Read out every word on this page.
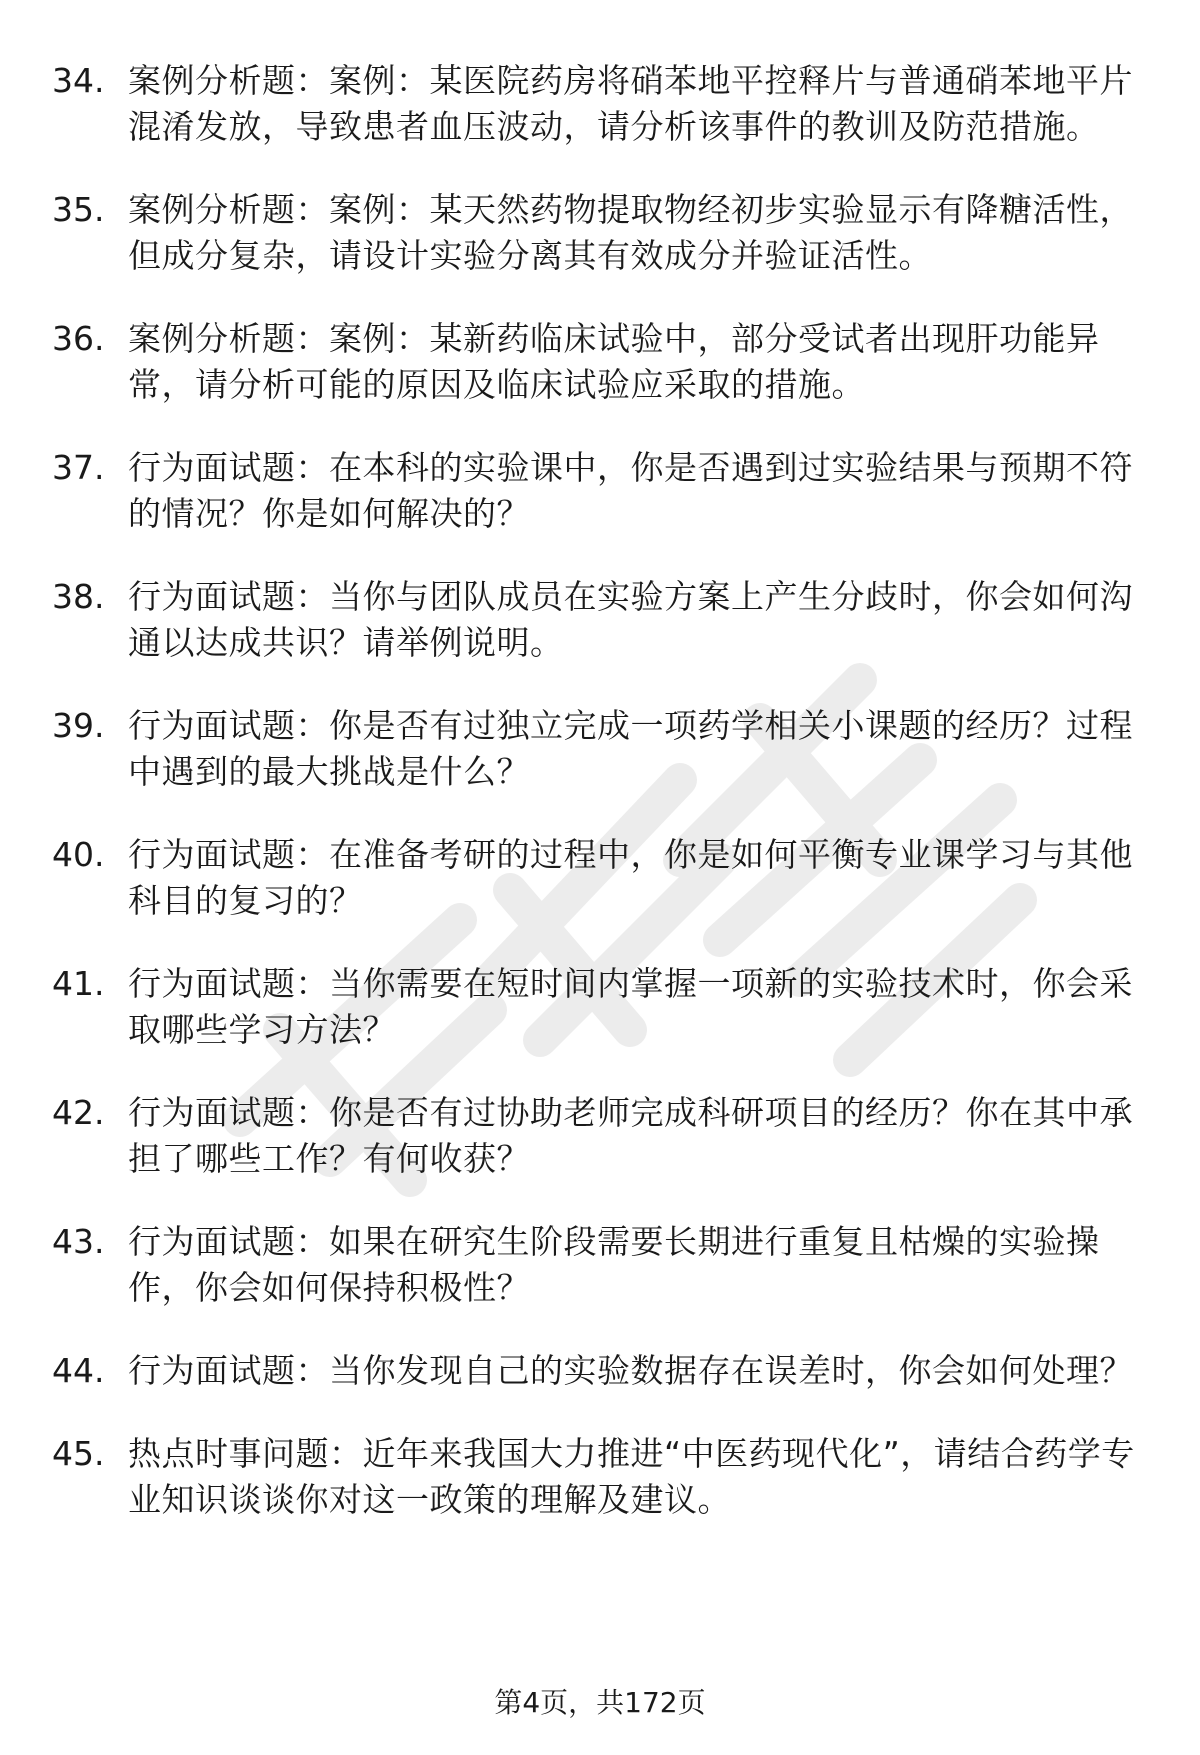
34. 案例分析题：案例：某医院药房将硝苯地平控释片与普通硝苯地平片混淆发放，导致患者血压波动，请分析该事件的教训及防范措施。
35. 案例分析题：案例：某天然药物提取物经初步实验显示有降糖活性，但成分复杂，请设计实验分离其有效成分并验证活性。
36. 案例分析题：案例：某新药临床试验中，部分受试者出现肝功能异常，请分析可能的原因及临床试验应采取的措施。
37. 行为面试题：在本科的实验课中，你是否遇到过实验结果与预期不符的情况？你是如何解决的？
38. 行为面试题：当你与团队成员在实验方案上产生分歧时，你会如何沟通以达成共识？请举例说明。
39. 行为面试题：你是否有过独立完成一项药学相关小课题的经历？过程中遇到的最大挑战是什么？
40. 行为面试题：在准备考研的过程中，你是如何平衡专业课学习与其他科目的复习的？
41. 行为面试题：当你需要在短时间内掌握一项新的实验技术时，你会采取哪些学习方法？
42. 行为面试题：你是否有过协助老师完成科研项目的经历？你在其中承担了哪些工作？有何收获？
43. 行为面试题：如果在研究生阶段需要长期进行重复且枯燥的实验操作，你会如何保持积极性？
44. 行为面试题：当你发现自己的实验数据存在误差时，你会如何处理？
45. 热点时事问题：近年来我国大力推进“中医药现代化”，请结合药学专业知识谈谈你对这一政策的理解及建议。
第4页，共172页
